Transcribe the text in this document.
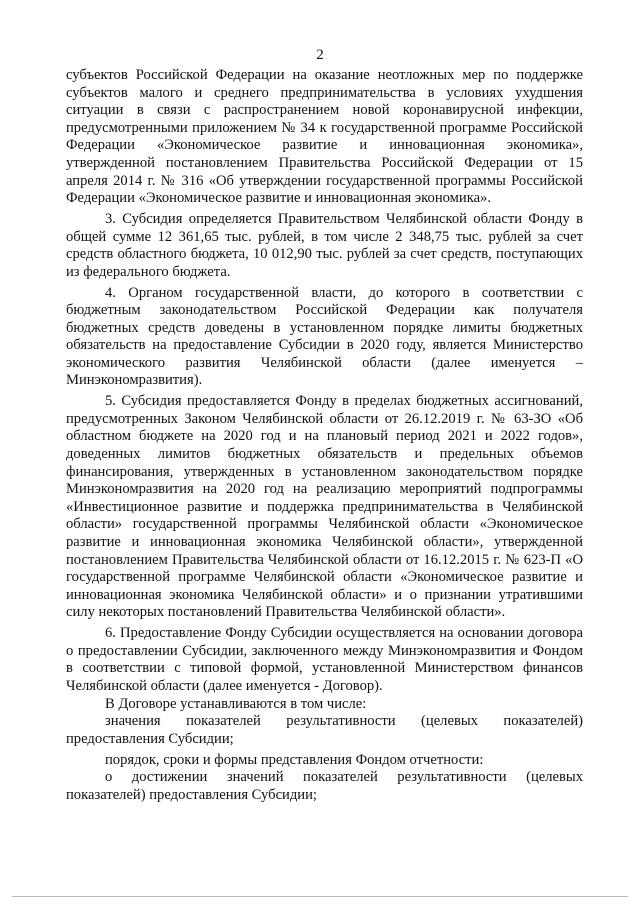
2

субъектов Российской Федерации на оказание неотложных мер по поддержке субъектов малого и среднего предпринимательства в условиях ухудшения ситуации в связи с распространением новой коронавирусной инфекции, предусмотренными приложением № 34 к государственной программе Российской Федерации «Экономическое развитие и инновационная экономика», утвержденной постановлением Правительства Российской Федерации от 15 апреля 2014 г. № 316 «Об утверждении государственной программы Российской Федерации «Экономическое развитие и инновационная экономика».

3. Субсидия определяется Правительством Челябинской области Фонду в общей сумме 12 361,65 тыс. рублей, в том числе 2 348,75 тыс. рублей за счет средств областного бюджета, 10 012,90 тыс. рублей за счет средств, поступающих из федерального бюджета.

4. Органом государственной власти, до которого в соответствии с бюджетным законодательством Российской Федерации как получателя бюджетных средств доведены в установленном порядке лимиты бюджетных обязательств на предоставление Субсидии в 2020 году, является Министерство экономического развития Челябинской области (далее именуется – Минэкономразвития).

5. Субсидия предоставляется Фонду в пределах бюджетных ассигнований, предусмотренных Законом Челябинской области от 26.12.2019 г. № 63-ЗО «Об областном бюджете на 2020 год и на плановый период 2021 и 2022 годов», доведенных лимитов бюджетных обязательств и предельных объемов финансирования, утвержденных в установленном законодательством порядке Минэкономразвития на 2020 год на реализацию мероприятий подпрограммы «Инвестиционное развитие и поддержка предпринимательства в Челябинской области» государственной программы Челябинской области «Экономическое развитие и инновационная экономика Челябинской области», утвержденной постановлением Правительства Челябинской области от 16.12.2015 г. № 623-П «О государственной программе Челябинской области «Экономическое развитие и инновационная экономика Челябинской области» и о признании утратившими силу некоторых постановлений Правительства Челябинской области».

6. Предоставление Фонду Субсидии осуществляется на основании договора о предоставлении Субсидии, заключенного между Минэкономразвития и Фондом в соответствии с типовой формой, установленной Министерством финансов Челябинской области (далее именуется - Договор).

В Договоре устанавливаются в том числе:

значения показателей результативности (целевых показателей) предоставления Субсидии;

порядок, сроки и формы представления Фондом отчетности:

о достижении значений показателей результативности (целевых показателей) предоставления Субсидии;
